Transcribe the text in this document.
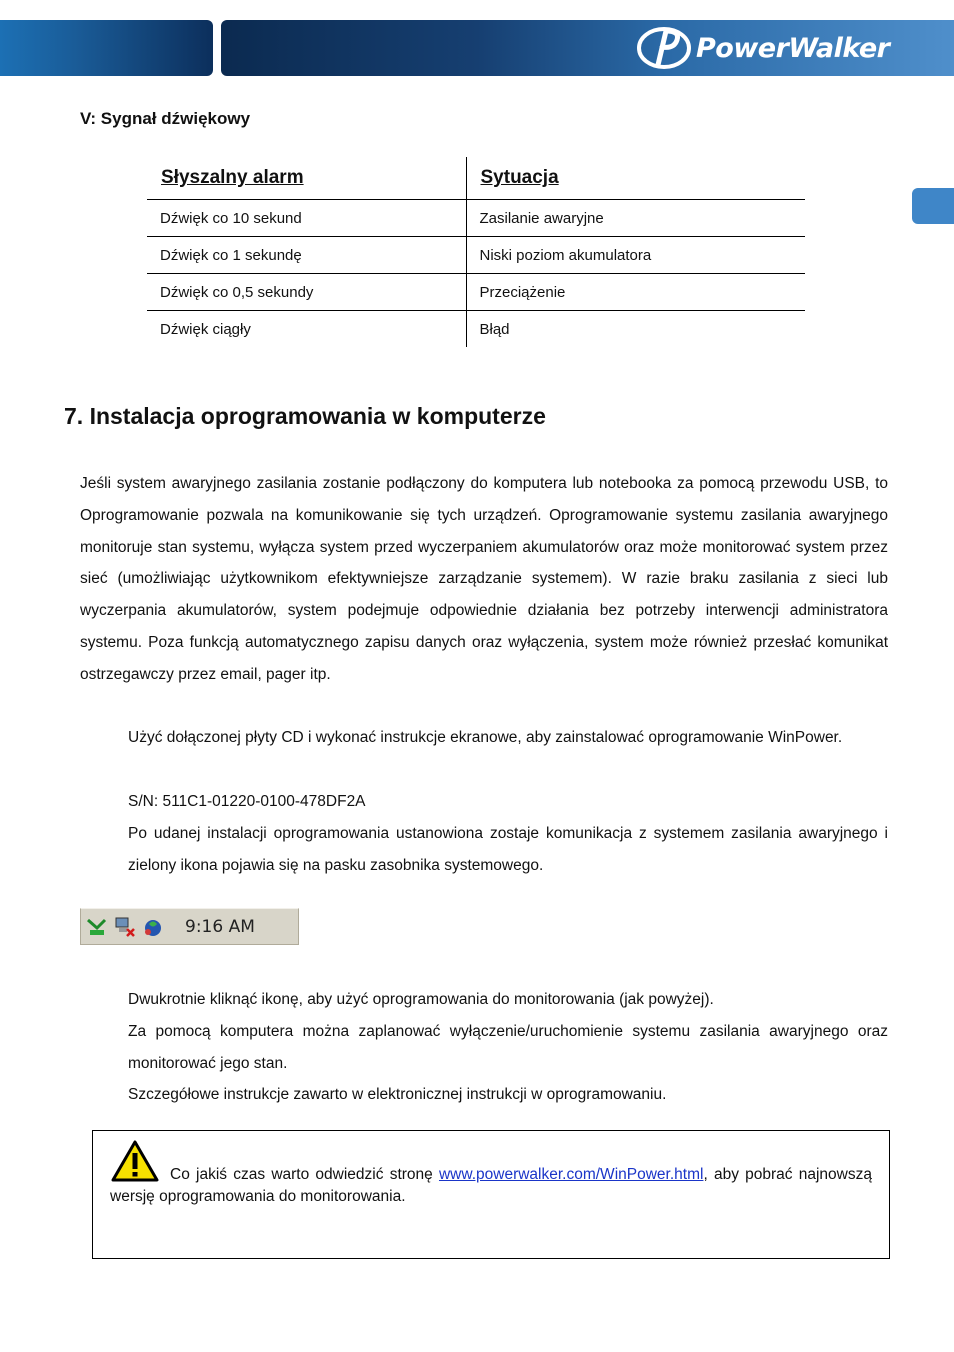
PowerWalker
V: Sygnał dźwiękowy
Słyszalny alarm	Sytuacja
Dźwięk co 10 sekund	Zasilanie awaryjne
Dźwięk co 1 sekundę	Niski poziom akumulatora
Dźwięk co 0,5 sekundy	Przeciążenie
Dźwięk ciągły	Błąd
7. Instalacja oprogramowania w komputerze

Jeśli system awaryjnego zasilania zostanie podłączony do komputera lub notebooka za pomocą przewodu USB, to Oprogramowanie pozwala na komunikowanie się tych urządzeń. Oprogramowanie systemu zasilania awaryjnego monitoruje stan systemu, wyłącza system przed wyczerpaniem akumulatorów oraz może monitorować system przez sieć (umożliwiając użytkownikom efektywniejsze zarządzanie systemem). W razie braku zasilania z sieci lub wyczerpania akumulatorów, system podejmuje odpowiednie działania bez potrzeby interwencji administratora systemu. Poza funkcją automatycznego zapisu danych oraz wyłączenia, system może również przesłać komunikat ostrzegawczy przez email, pager itp.

Użyć dołączonej płyty CD i wykonać instrukcje ekranowe, aby zainstalować oprogramowanie WinPower.

S/N: 511C1-01220-0100-478DF2A

Po udanej instalacji oprogramowania ustanowiona zostaje komunikacja z systemem zasilania awaryjnego i zielony ikona pojawia się na pasku zasobnika systemowego.

9:16 AM

Dwukrotnie kliknąć ikonę, aby użyć oprogramowania do monitorowania (jak powyżej).

Za pomocą komputera można zaplanować wyłączenie/uruchomienie systemu zasilania awaryjnego oraz monitorować jego stan.

Szczegółowe instrukcje zawarto w elektronicznej instrukcji w oprogramowaniu.

Co jakiś czas warto odwiedzić stronę www.powerwalker.com/WinPower.html, aby pobrać najnowszą wersję oprogramowania do monitorowania.
